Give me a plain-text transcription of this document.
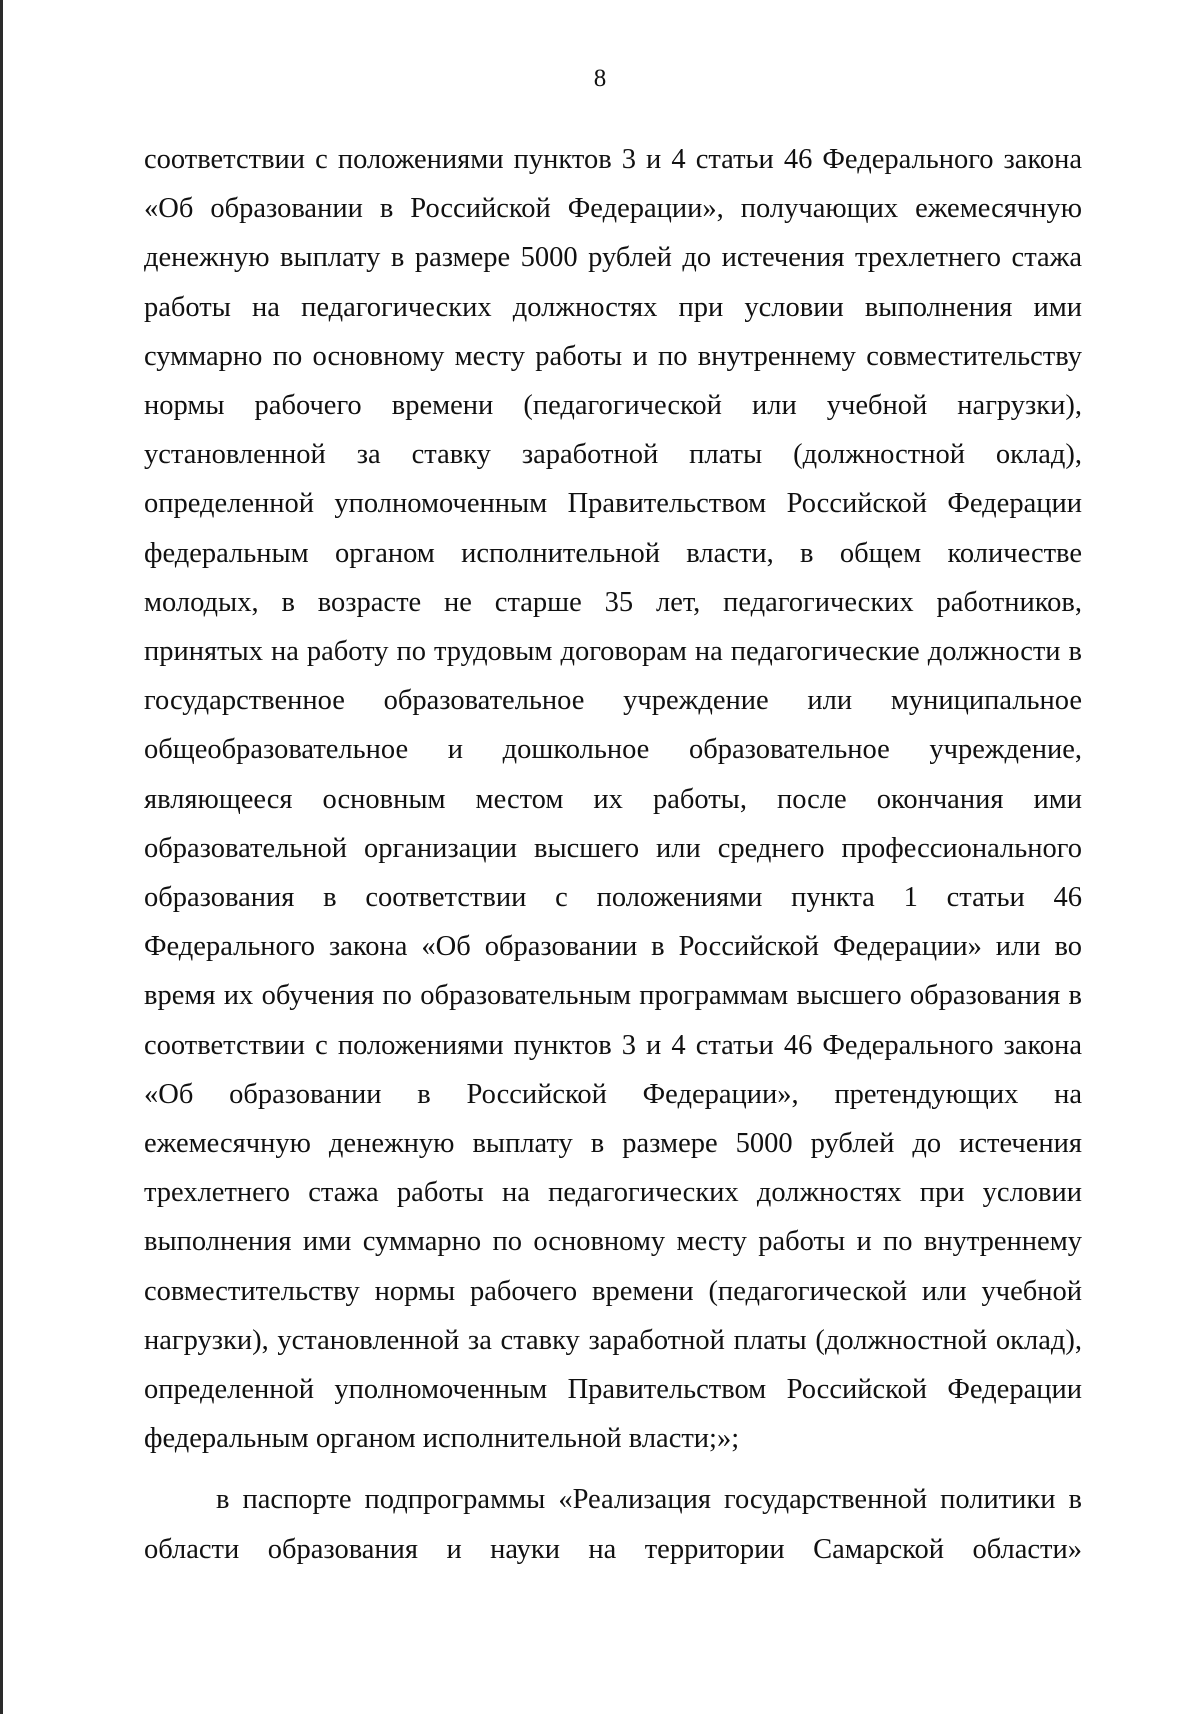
8
соответствии с положениями пунктов 3 и 4 статьи 46 Федерального закона
«Об образовании в Российской Федерации», получающих ежемесячную
денежную выплату в размере 5000 рублей до истечения трехлетнего стажа
работы на педагогических должностях при условии выполнения ими
суммарно по основному месту работы и по внутреннему совместительству
нормы рабочего времени (педагогической или учебной нагрузки),
установленной за ставку заработной платы (должностной оклад),
определенной уполномоченным Правительством Российской Федерации
федеральным органом исполнительной власти, в общем количестве
молодых, в возрасте не старше 35 лет, педагогических работников,
принятых на работу по трудовым договорам на педагогические должности в
государственное образовательное учреждение или муниципальное
общеобразовательное и дошкольное образовательное учреждение,
являющееся основным местом их работы, после окончания ими
образовательной организации высшего или среднего профессионального
образования в соответствии с положениями пункта 1 статьи 46
Федерального закона «Об образовании в Российской Федерации» или во
время их обучения по образовательным программам высшего образования в
соответствии с положениями пунктов 3 и 4 статьи 46 Федерального закона
«Об образовании в Российской Федерации», претендующих на
ежемесячную денежную выплату в размере 5000 рублей до истечения
трехлетнего стажа работы на педагогических должностях при условии
выполнения ими суммарно по основному месту работы и по внутреннему
совместительству нормы рабочего времени (педагогической или учебной
нагрузки), установленной за ставку заработной платы (должностной оклад),
определенной уполномоченным Правительством Российской Федерации
федеральным органом исполнительной власти;»;
в паспорте подпрограммы «Реализация государственной политики в
области образования и науки на территории Самарской области»
